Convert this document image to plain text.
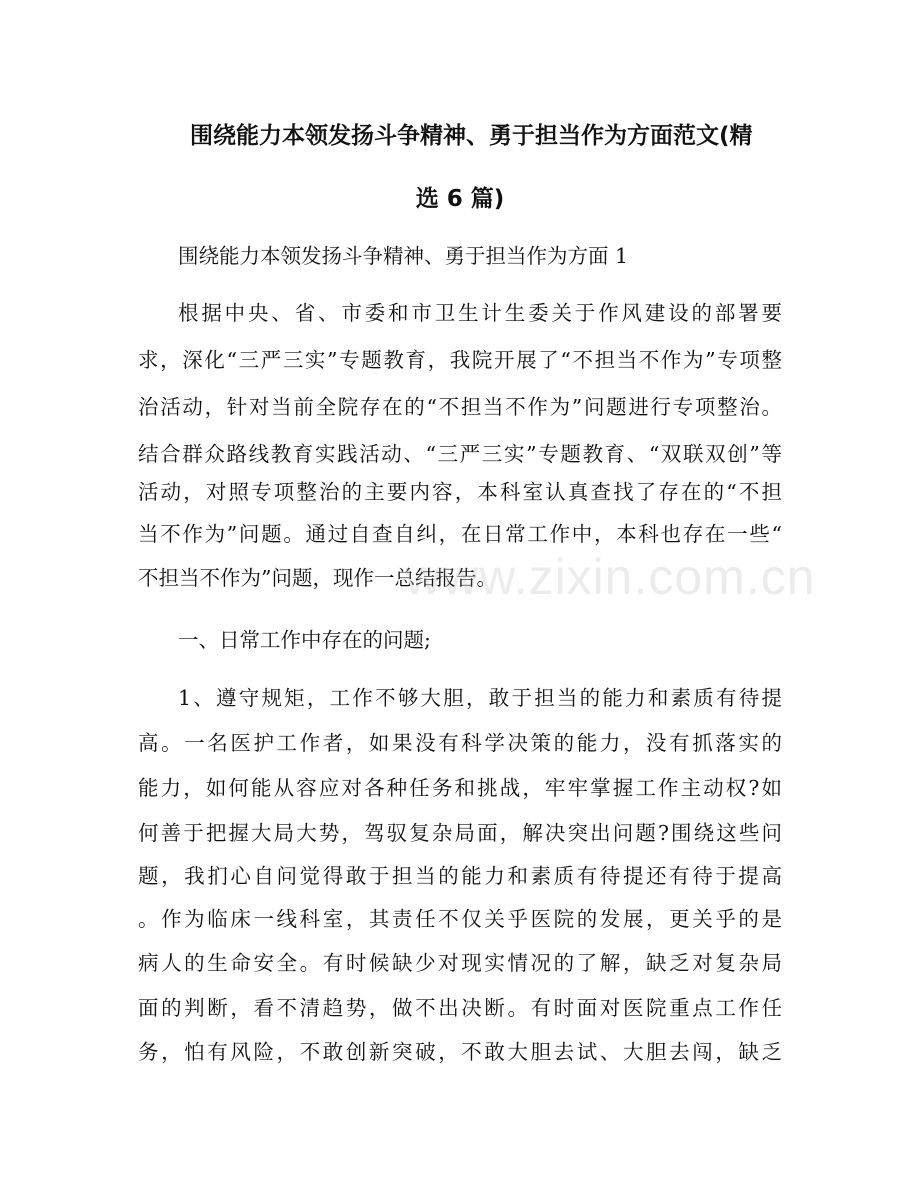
围绕能力本领发扬斗争精神、勇于担当作为方面范文(精
选 6 篇)
围绕能力本领发扬斗争精神、勇于担当作为方面 1
根据中央、省、市委和市卫生计生委关于作风建设的部署要
求，深化“三严三实”专题教育，我院开展了“不担当不作为”专项整
治活动，针对当前全院存在的“不担当不作为”问题进行专项整治。
结合群众路线教育实践活动、“三严三实”专题教育、“双联双创”等
活动，对照专项整治的主要内容，本科室认真查找了存在的“不担
当不作为”问题。通过自查自纠，在日常工作中，本科也存在一些“
不担当不作为”问题，现作一总结报告。
一、日常工作中存在的问题;
1、遵守规矩，工作不够大胆，敢于担当的能力和素质有待提
高。一名医护工作者，如果没有科学决策的能力，没有抓落实的
能力，如何能从容应对各种任务和挑战，牢牢掌握工作主动权?如
何善于把握大局大势，驾驭复杂局面，解决突出问题?围绕这些问
题，我扪心自问觉得敢于担当的能力和素质有待提还有待于提高
。作为临床一线科室，其责任不仅关乎医院的发展，更关乎的是
病人的生命安全。有时候缺少对现实情况的了解，缺乏对复杂局
面的判断，看不清趋势，做不出决断。有时面对医院重点工作任
务，怕有风险，不敢创新突破，不敢大胆去试、大胆去闯，缺乏
www.zixin.com.cn
